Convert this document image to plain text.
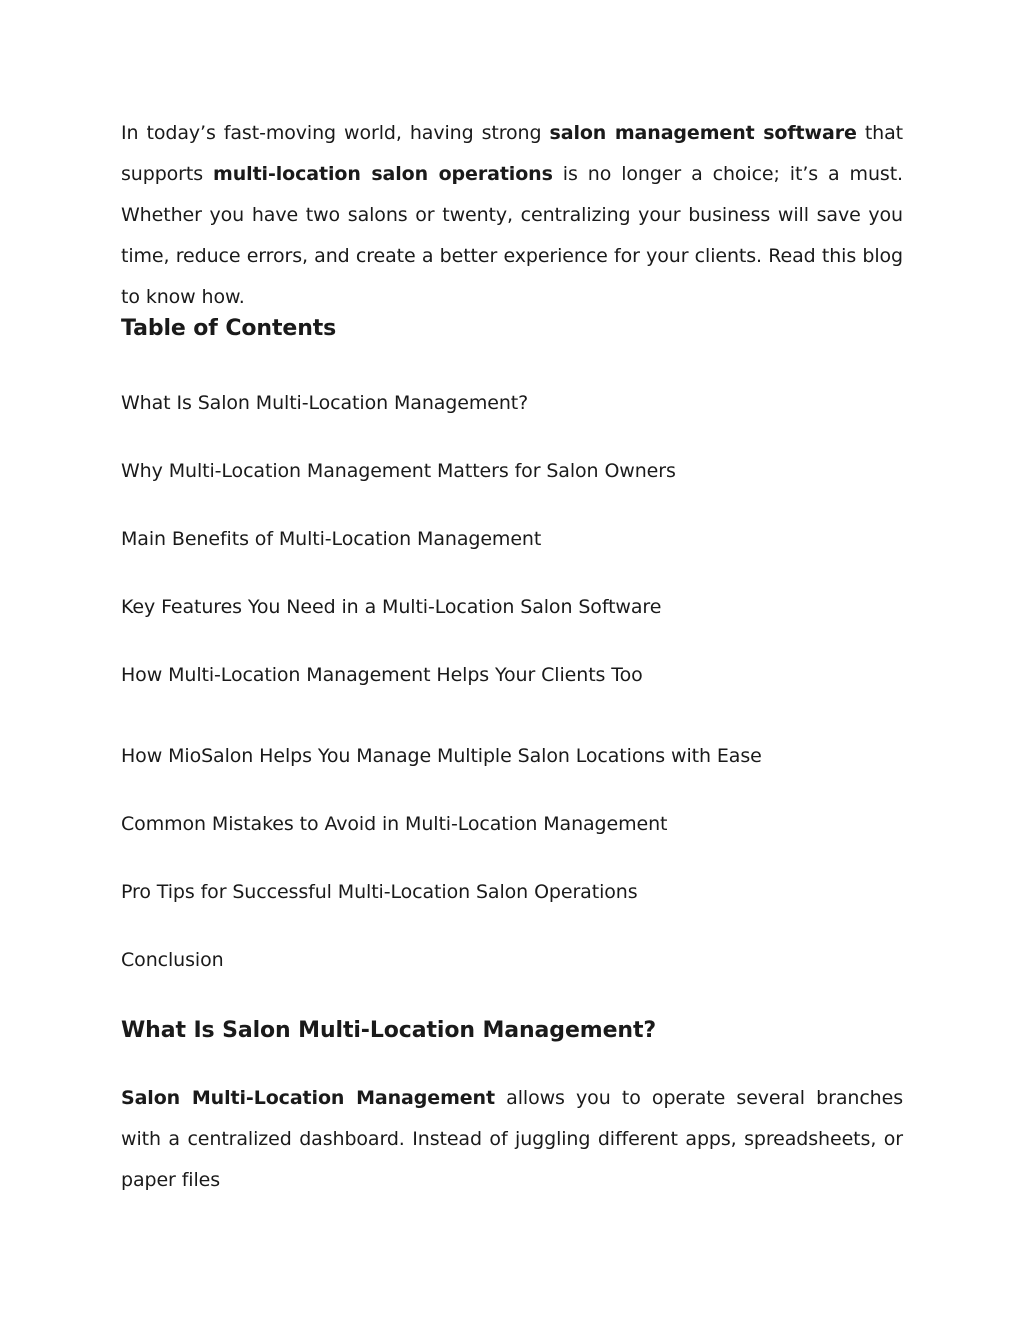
In today’s fast-moving world, having strong salon management software that supports multi-location salon operations is no longer a choice; it’s a must. Whether you have two salons or twenty, centralizing your business will save you time, reduce errors, and create a better experience for your clients. Read this blog to know how.

Table of Contents
What Is Salon Multi-Location Management?
Why Multi-Location Management Matters for Salon Owners
Main Benefits of Multi-Location Management
Key Features You Need in a Multi-Location Salon Software
How Multi-Location Management Helps Your Clients Too
How MioSalon Helps You Manage Multiple Salon Locations with Ease
Common Mistakes to Avoid in Multi-Location Management
Pro Tips for Successful Multi-Location Salon Operations
Conclusion
What Is Salon Multi-Location Management?

Salon Multi-Location Management allows you to operate several branches with a centralized dashboard. Instead of juggling different apps, spreadsheets, or paper files
